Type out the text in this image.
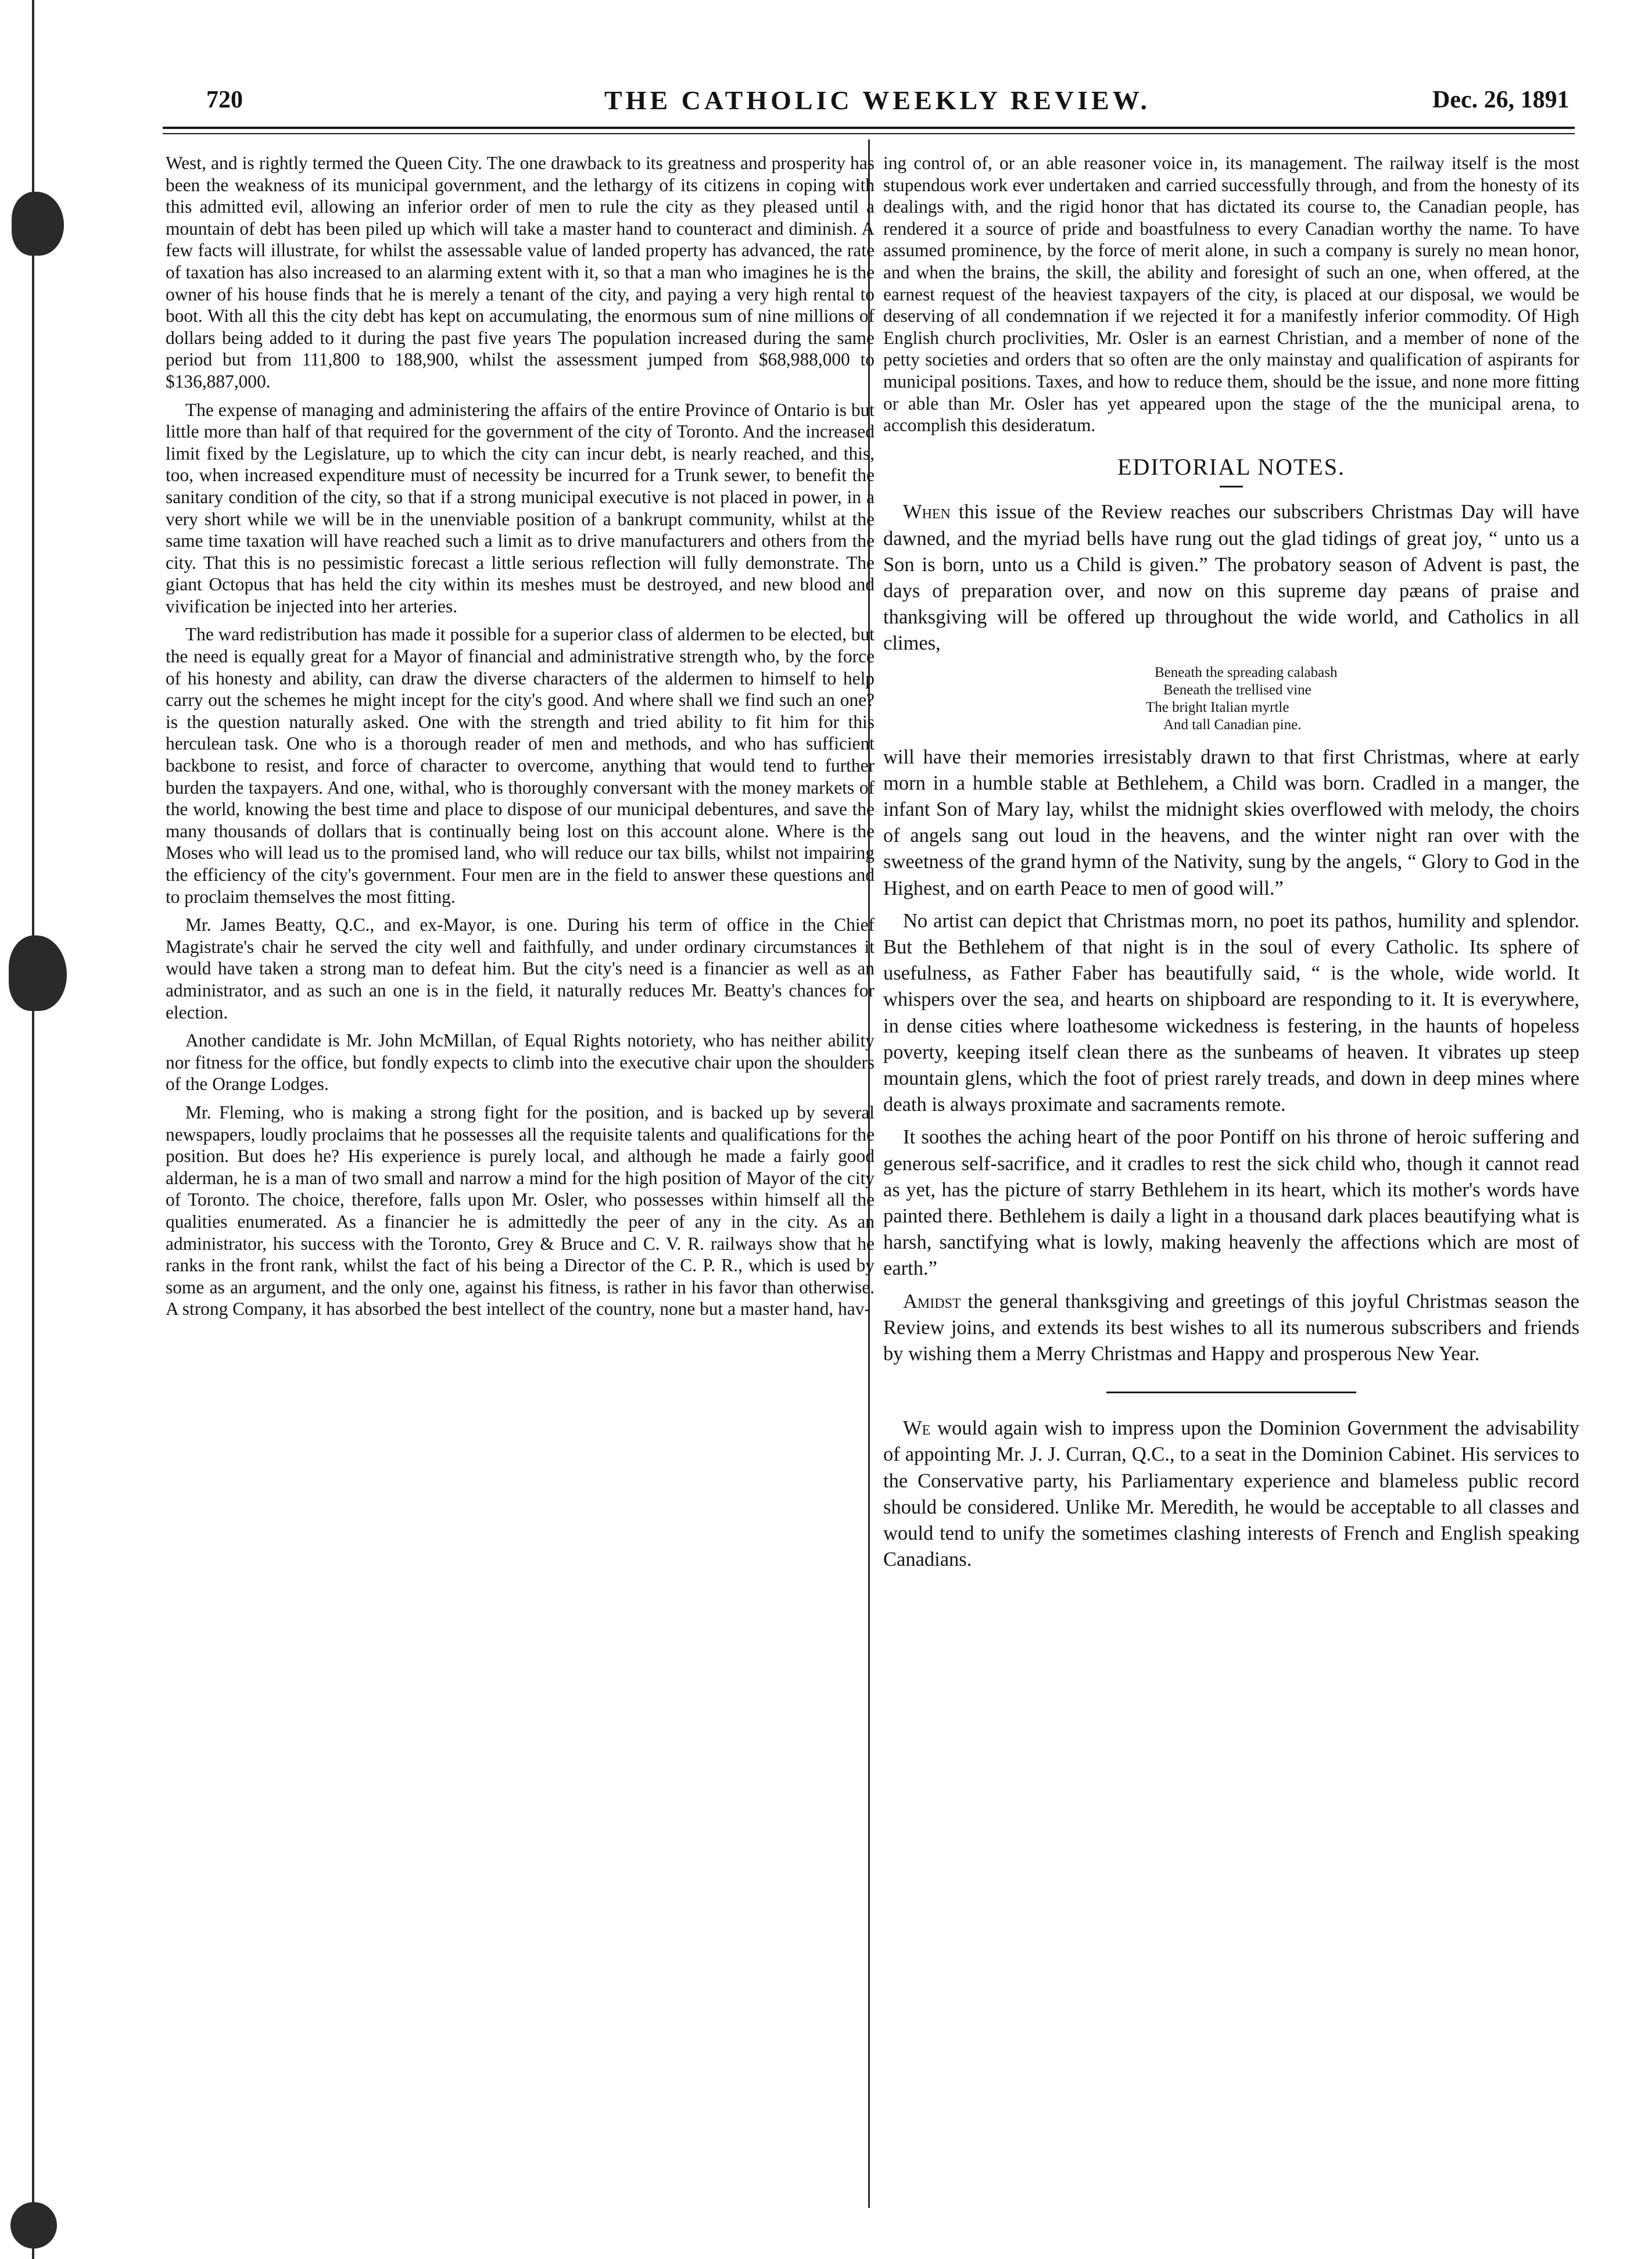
720	THE CATHOLIC WEEKLY REVIEW.	Dec. 26, 1891

West, and is rightly termed the Queen City. The one drawback to its greatness and prosperity has been the weakness of its municipal government, and the lethargy of its citizens in coping with this admitted evil, allowing an inferior order of men to rule the city as they pleased until a mountain of debt has been piled up which will take a master hand to counteract and diminish. A few facts will illustrate, for whilst the assessable value of landed property has advanced, the rate of taxation has also increased to an alarming extent with it, so that a man who imagines he is the owner of his house finds that he is merely a tenant of the city, and paying a very high rental to boot. With all this the city debt has kept on accumulating, the enormous sum of nine millions of dollars being added to it during the past five years The population increased during the same period but from 111,800 to 188,900, whilst the assessment jumped from $68,988,000 to $136,887,000.

The expense of managing and administering the affairs of the entire Province of Ontario is but little more than half of that required for the government of the city of Toronto. And the increased limit fixed by the Legislature, up to which the city can incur debt, is nearly reached, and this, too, when increased expenditure must of necessity be incurred for a Trunk sewer, to benefit the sanitary condition of the city, so that if a strong municipal executive is not placed in power, in a very short while we will be in the unenviable position of a bankrupt community, whilst at the same time taxation will have reached such a limit as to drive manufacturers and others from the city. That this is no pessimistic forecast a little serious reflection will fully demonstrate. The giant Octopus that has held the city within its meshes must be destroyed, and new blood and vivification be injected into her arteries.

The ward redistribution has made it possible for a superior class of aldermen to be elected, but the need is equally great for a Mayor of financial and administrative strength who, by the force of his honesty and ability, can draw the diverse characters of the aldermen to himself to help carry out the schemes he might incept for the city's good. And where shall we find such an one? is the question naturally asked. One with the strength and tried ability to fit him for this herculean task. One who is a thorough reader of men and methods, and who has sufficient backbone to resist, and force of character to overcome, anything that would tend to further burden the taxpayers. And one, withal, who is thoroughly conversant with the money markets of the world, knowing the best time and place to dispose of our municipal debentures, and save the many thousands of dollars that is continually being lost on this account alone. Where is the Moses who will lead us to the promised land, who will reduce our tax bills, whilst not impairing the efficiency of the city's government. Four men are in the field to answer these questions and to proclaim themselves the most fitting.

Mr. James Beatty, Q.C., and ex-Mayor, is one. During his term of office in the Chief Magistrate's chair he served the city well and faithfully, and under ordinary circumstances it would have taken a strong man to defeat him. But the city's need is a financier as well as an administrator, and as such an one is in the field, it naturally reduces Mr. Beatty's chances for election.

Another candidate is Mr. John McMillan, of Equal Rights notoriety, who has neither ability nor fitness for the office, but fondly expects to climb into the executive chair upon the shoulders of the Orange Lodges.

Mr. Fleming, who is making a strong fight for the position, and is backed up by several newspapers, loudly proclaims that he possesses all the requisite talents and qualifications for the position. But does he? His experience is purely local, and although he made a fairly good alderman, he is a man of two small and narrow a mind for the high position of Mayor of the city of Toronto. The choice, therefore, falls upon Mr. Osler, who possesses within himself all the qualities enumerated. As a financier he is admittedly the peer of any in the city. As an administrator, his success with the Toronto, Grey & Bruce and C. V. R. railways show that he ranks in the front rank, whilst the fact of his being a Director of the C. P. R., which is used by some as an argument, and the only one, against his fitness, is rather in his favor than otherwise. A strong Company, it has absorbed the best intellect of the country, none but a master hand, hav-

ing control of, or an able reasoner voice in, its management. The railway itself is the most stupendous work ever undertaken and carried successfully through, and from the honesty of its dealings with, and the rigid honor that has dictated its course to, the Canadian people, has rendered it a source of pride and boastfulness to every Canadian worthy the name. To have assumed prominence, by the force of merit alone, in such a company is surely no mean honor, and when the brains, the skill, the ability and foresight of such an one, when offered, at the earnest request of the heaviest taxpayers of the city, is placed at our disposal, we would be deserving of all condemnation if we rejected it for a manifestly inferior commodity. Of High English church proclivities, Mr. Osler is an earnest Christian, and a member of none of the petty societies and orders that so often are the only mainstay and qualification of aspirants for municipal positions. Taxes, and how to reduce them, should be the issue, and none more fitting or able than Mr. Osler has yet appeared upon the stage of the the municipal arena, to accomplish this desideratum.

EDITORIAL NOTES.

When this issue of the Review reaches our subscribers Christmas Day will have dawned, and the myriad bells have rung out the glad tidings of great joy, “ unto us a Son is born, unto us a Child is given.” The probatory season of Advent is past, the days of preparation over, and now on this supreme day pæans of praise and thanksgiving will be offered up throughout the wide world, and Catholics in all climes,

Beneath the spreading calabash
Beneath the trellised vine
The bright Italian myrtle
And tall Canadian pine.

will have their memories irresistably drawn to that first Christmas, where at early morn in a humble stable at Bethlehem, a Child was born. Cradled in a manger, the infant Son of Mary lay, whilst the midnight skies overflowed with melody, the choirs of angels sang out loud in the heavens, and the winter night ran over with the sweetness of the grand hymn of the Nativity, sung by the angels, “ Glory to God in the Highest, and on earth Peace to men of good will.”

No artist can depict that Christmas morn, no poet its pathos, humility and splendor. But the Bethlehem of that night is in the soul of every Catholic. Its sphere of usefulness, as Father Faber has beautifully said, “ is the whole, wide world. It whispers over the sea, and hearts on shipboard are responding to it. It is everywhere, in dense cities where loathesome wickedness is festering, in the haunts of hopeless poverty, keeping itself clean there as the sunbeams of heaven. It vibrates up steep mountain glens, which the foot of priest rarely treads, and down in deep mines where death is always proximate and sacraments remote.

It soothes the aching heart of the poor Pontiff on his throne of heroic suffering and generous self-sacrifice, and it cradles to rest the sick child who, though it cannot read as yet, has the picture of starry Bethlehem in its heart, which its mother's words have painted there. Bethlehem is daily a light in a thousand dark places beautifying what is harsh, sanctifying what is lowly, making heavenly the affections which are most of earth.”

Amidst the general thanksgiving and greetings of this joyful Christmas season the Review joins, and extends its best wishes to all its numerous subscribers and friends by wishing them a Merry Christmas and Happy and prosperous New Year.

We would again wish to impress upon the Dominion Government the advisability of appointing Mr. J. J. Curran, Q.C., to a seat in the Dominion Cabinet. His services to the Conservative party, his Parliamentary experience and blameless public record should be considered. Unlike Mr. Meredith, he would be acceptable to all classes and would tend to unify the sometimes clashing interests of French and English speaking Canadians.
